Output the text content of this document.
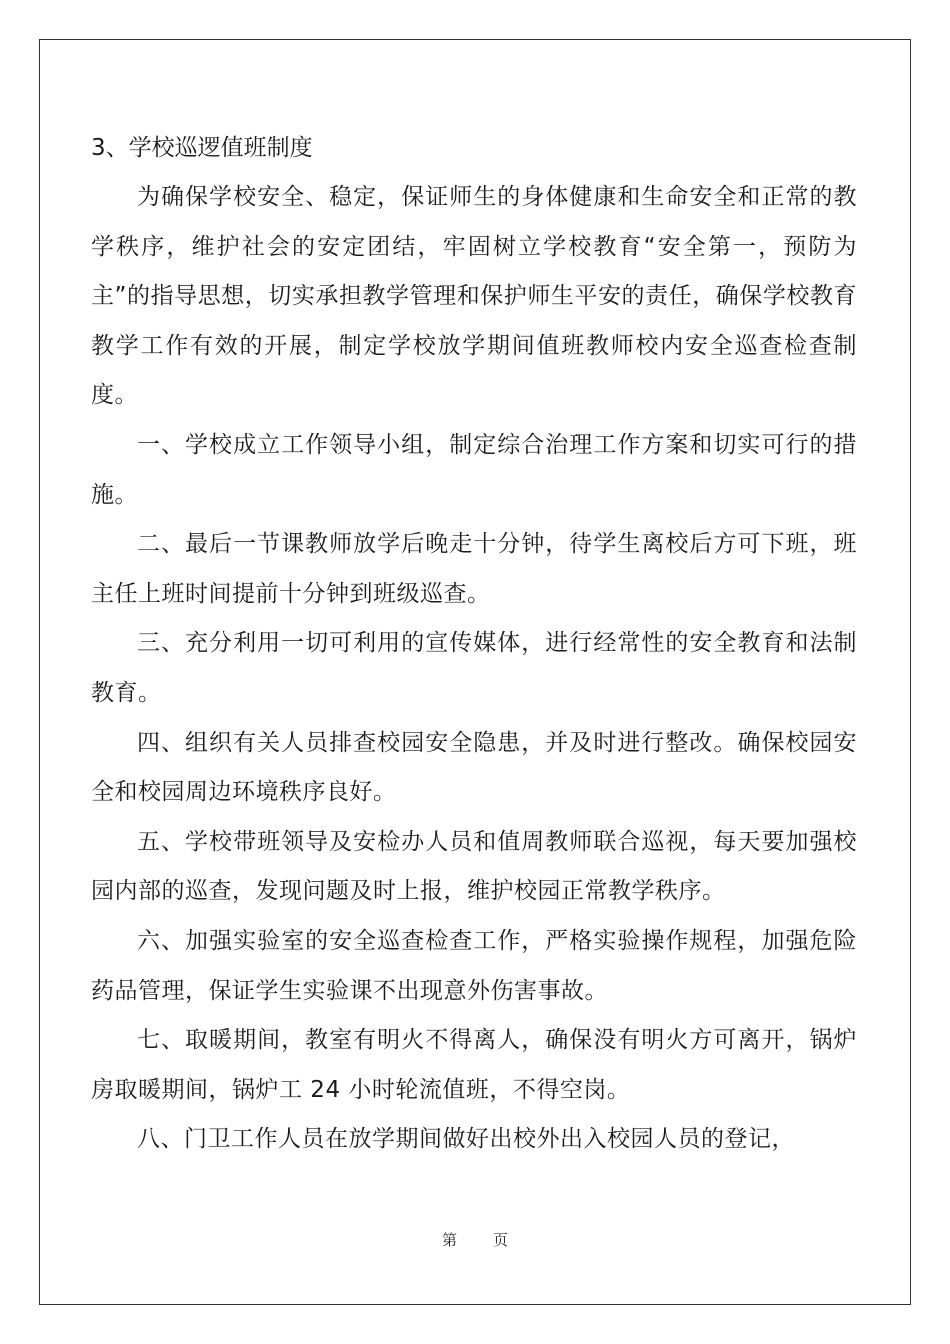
3、学校巡逻值班制度

为确保学校安全、稳定，保证师生的身体健康和生命安全和正常的教学秩序，维护社会的安定团结，牢固树立学校教育“安全第一，预防为主”的指导思想，切实承担教学管理和保护师生平安的责任，确保学校教育教学工作有效的开展，制定学校放学期间值班教师校内安全巡查检查制度。

一、学校成立工作领导小组，制定综合治理工作方案和切实可行的措施。

二、最后一节课教师放学后晚走十分钟，待学生离校后方可下班，班主任上班时间提前十分钟到班级巡查。

三、充分利用一切可利用的宣传媒体，进行经常性的安全教育和法制教育。

四、组织有关人员排查校园安全隐患，并及时进行整改。确保校园安全和校园周边环境秩序良好。

五、学校带班领导及安检办人员和值周教师联合巡视，每天要加强校园内部的巡查，发现问题及时上报，维护校园正常教学秩序。

六、加强实验室的安全巡查检查工作，严格实验操作规程，加强危险药品管理，保证学生实验课不出现意外伤害事故。

七、取暖期间，教室有明火不得离人，确保没有明火方可离开，锅炉房取暖期间，锅炉工 24 小时轮流值班，不得空岗。

八、门卫工作人员在放学期间做好出校外出入校园人员的登记，

第 页
